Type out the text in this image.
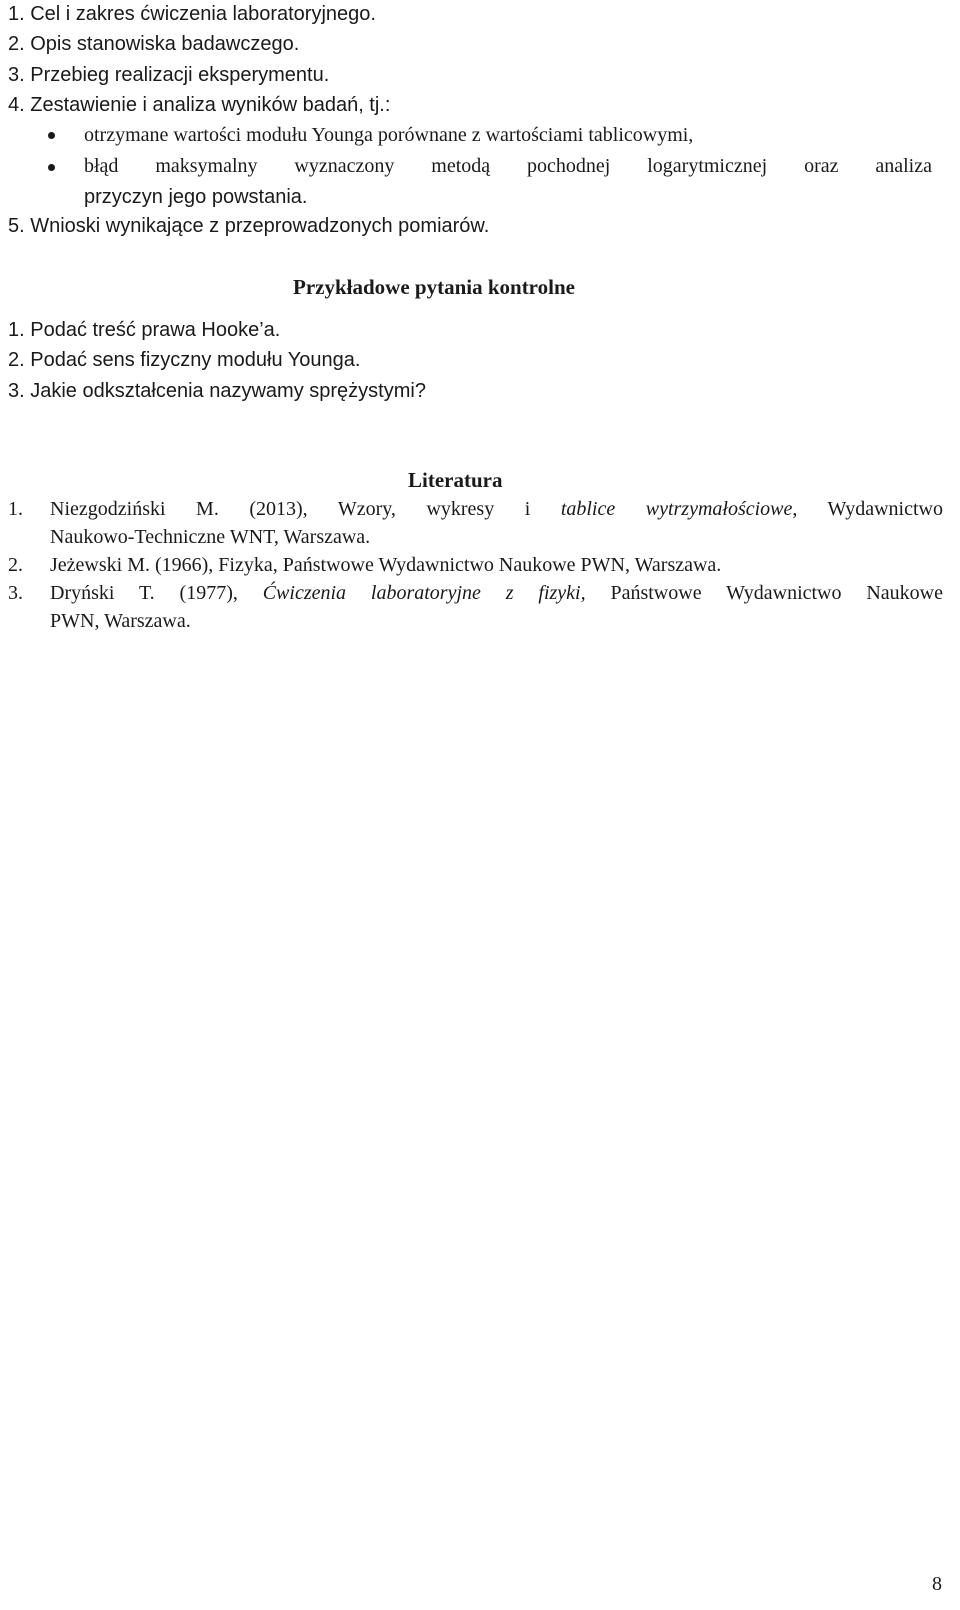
1. Cel i zakres ćwiczenia laboratoryjnego.
2. Opis stanowiska badawczego.
3. Przebieg realizacji eksperymentu.
4. Zestawienie i analiza wyników badań, tj.:
otrzymane wartości modułu Younga porównane z wartościami tablicowymi,
błąd maksymalny wyznaczony metodą pochodnej logarytmicznej oraz analiza
przyczyn jego powstania.
5. Wnioski wynikające z przeprowadzonych pomiarów.
Przykładowe pytania kontrolne
1. Podać treść prawa Hooke’a.
2. Podać sens fizyczny modułu Younga.
3. Jakie odkształcenia nazywamy sprężystymi?
Literatura
1. Niezgodziński M. (2013), Wzory, wykresy i tablice wytrzymałościowe, Wydawnictwo
Naukowo-Techniczne WNT, Warszawa.
2. Jeżewski M. (1966), Fizyka, Państwowe Wydawnictwo Naukowe PWN, Warszawa.
3. Dryński T. (1977), Ćwiczenia laboratoryjne z fizyki, Państwowe Wydawnictwo Naukowe
PWN, Warszawa.
8
